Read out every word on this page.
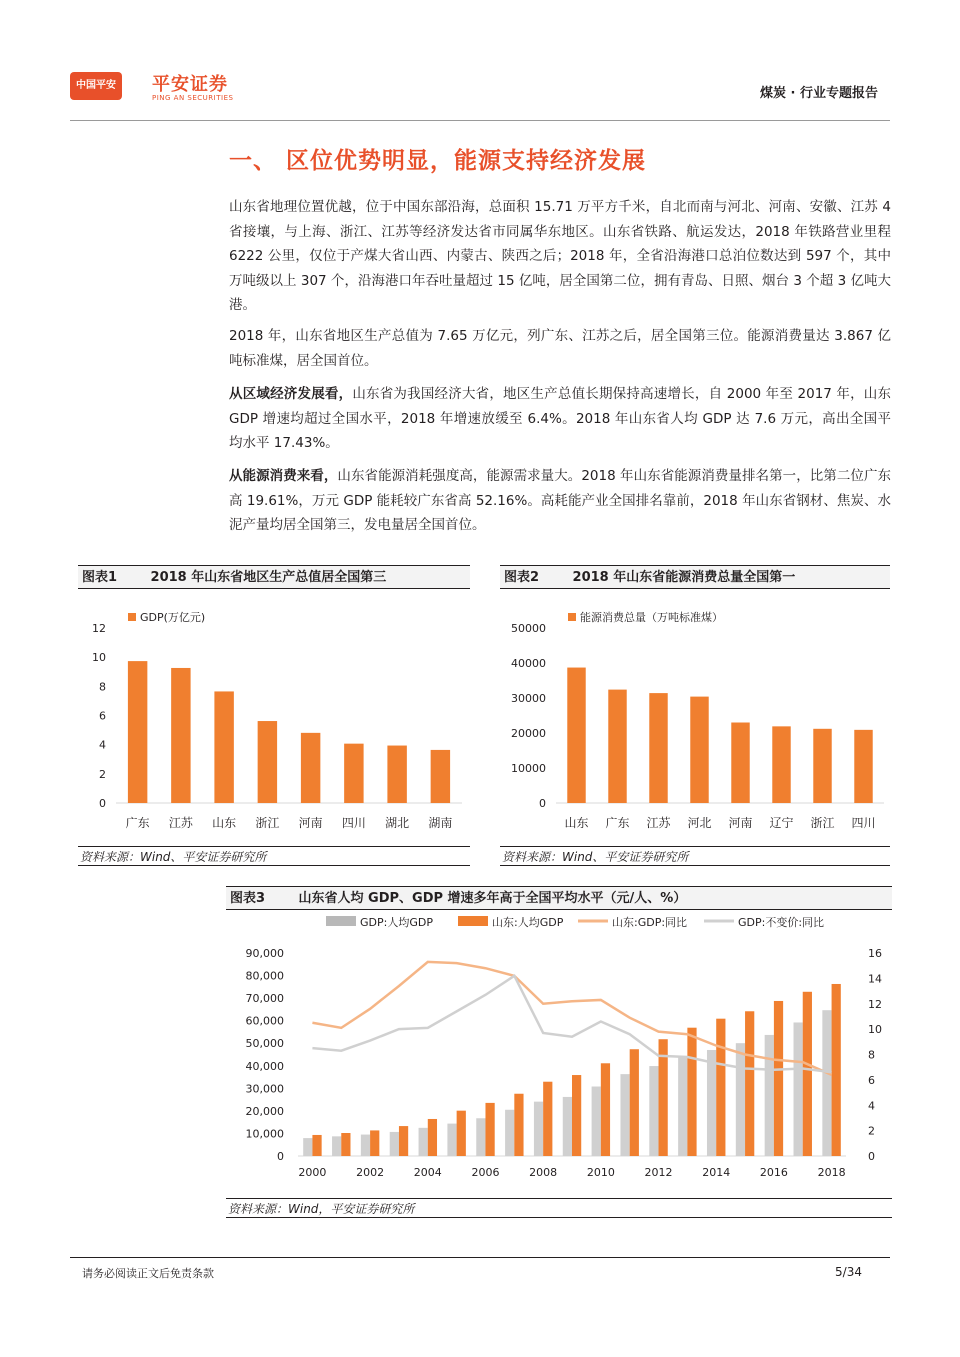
中国平安	平安证券
PING AN SECURITIES	煤炭 · 行业专题报告
一、 区位优势明显，能源支持经济发展

山东省地理位置优越，位于中国东部沿海，总面积 15.71 万平方千米，自北而南与河北、河南、安徽、江苏 4 省接壤，与上海、浙江、江苏等经济发达省市同属华东地区。山东省铁路、航运发达，2018 年铁路营业里程 6222 公里，仅位于产煤大省山西、内蒙古、陕西之后；2018 年，全省沿海港口总泊位数达到 597 个，其中万吨级以上 307 个，沿海港口年吞吐量超过 15 亿吨，居全国第二位，拥有青岛、日照、烟台 3 个超 3 亿吨大港。

2018 年，山东省地区生产总值为 7.65 万亿元，列广东、江苏之后，居全国第三位。能源消费量达 3.867 亿吨标准煤，居全国首位。

从区域经济发展看，山东省为我国经济大省，地区生产总值长期保持高速增长，自 2000 年至 2017 年，山东 GDP 增速均超过全国水平，2018 年增速放缓至 6.4%。2018 年山东省人均 GDP 达 7.6 万元，高出全国平均水平 17.43%。

从能源消费来看，山东省能源消耗强度高，能源需求量大。2018 年山东省能源消费量排名第一，比第二位广东高 19.61%，万元 GDP 能耗较广东省高 52.16%。高耗能产业全国排名靠前，2018 年山东省钢材、焦炭、水泥产量均居全国第三，发电量居全国首位。

图表1	2018 年山东省地区生产总值居全国第三
GDP(万亿元)
0
2
4
6
8
10
12
广东 江苏 山东 浙江 河南 四川 湖北 湖南
资料来源：Wind、平安证券研究所
图表2	2018 年山东省能源消费总量全国第一
能源消费总量（万吨标准煤）
0
10000
20000
30000
40000
50000
山东 广东 江苏 河北 河南 辽宁 浙江 四川
资料来源：Wind、平安证券研究所
图表3	山东省人均 GDP、GDP 增速多年高于全国平均水平（元/人、%）
GDP:人均GDP	山东:人均GDP	山东:GDP:同比	GDP:不变价:同比
0
10,000
20,000
30,000
40,000
50,000
60,000
70,000
80,000
90,000
0
2
4
6
8
10
12
14
16
2000	2002	2004	2006	2008	2010	2012	2014	2016	2018
资料来源：Wind，平安证券研究所
请务必阅读正文后免责条款	5/34
